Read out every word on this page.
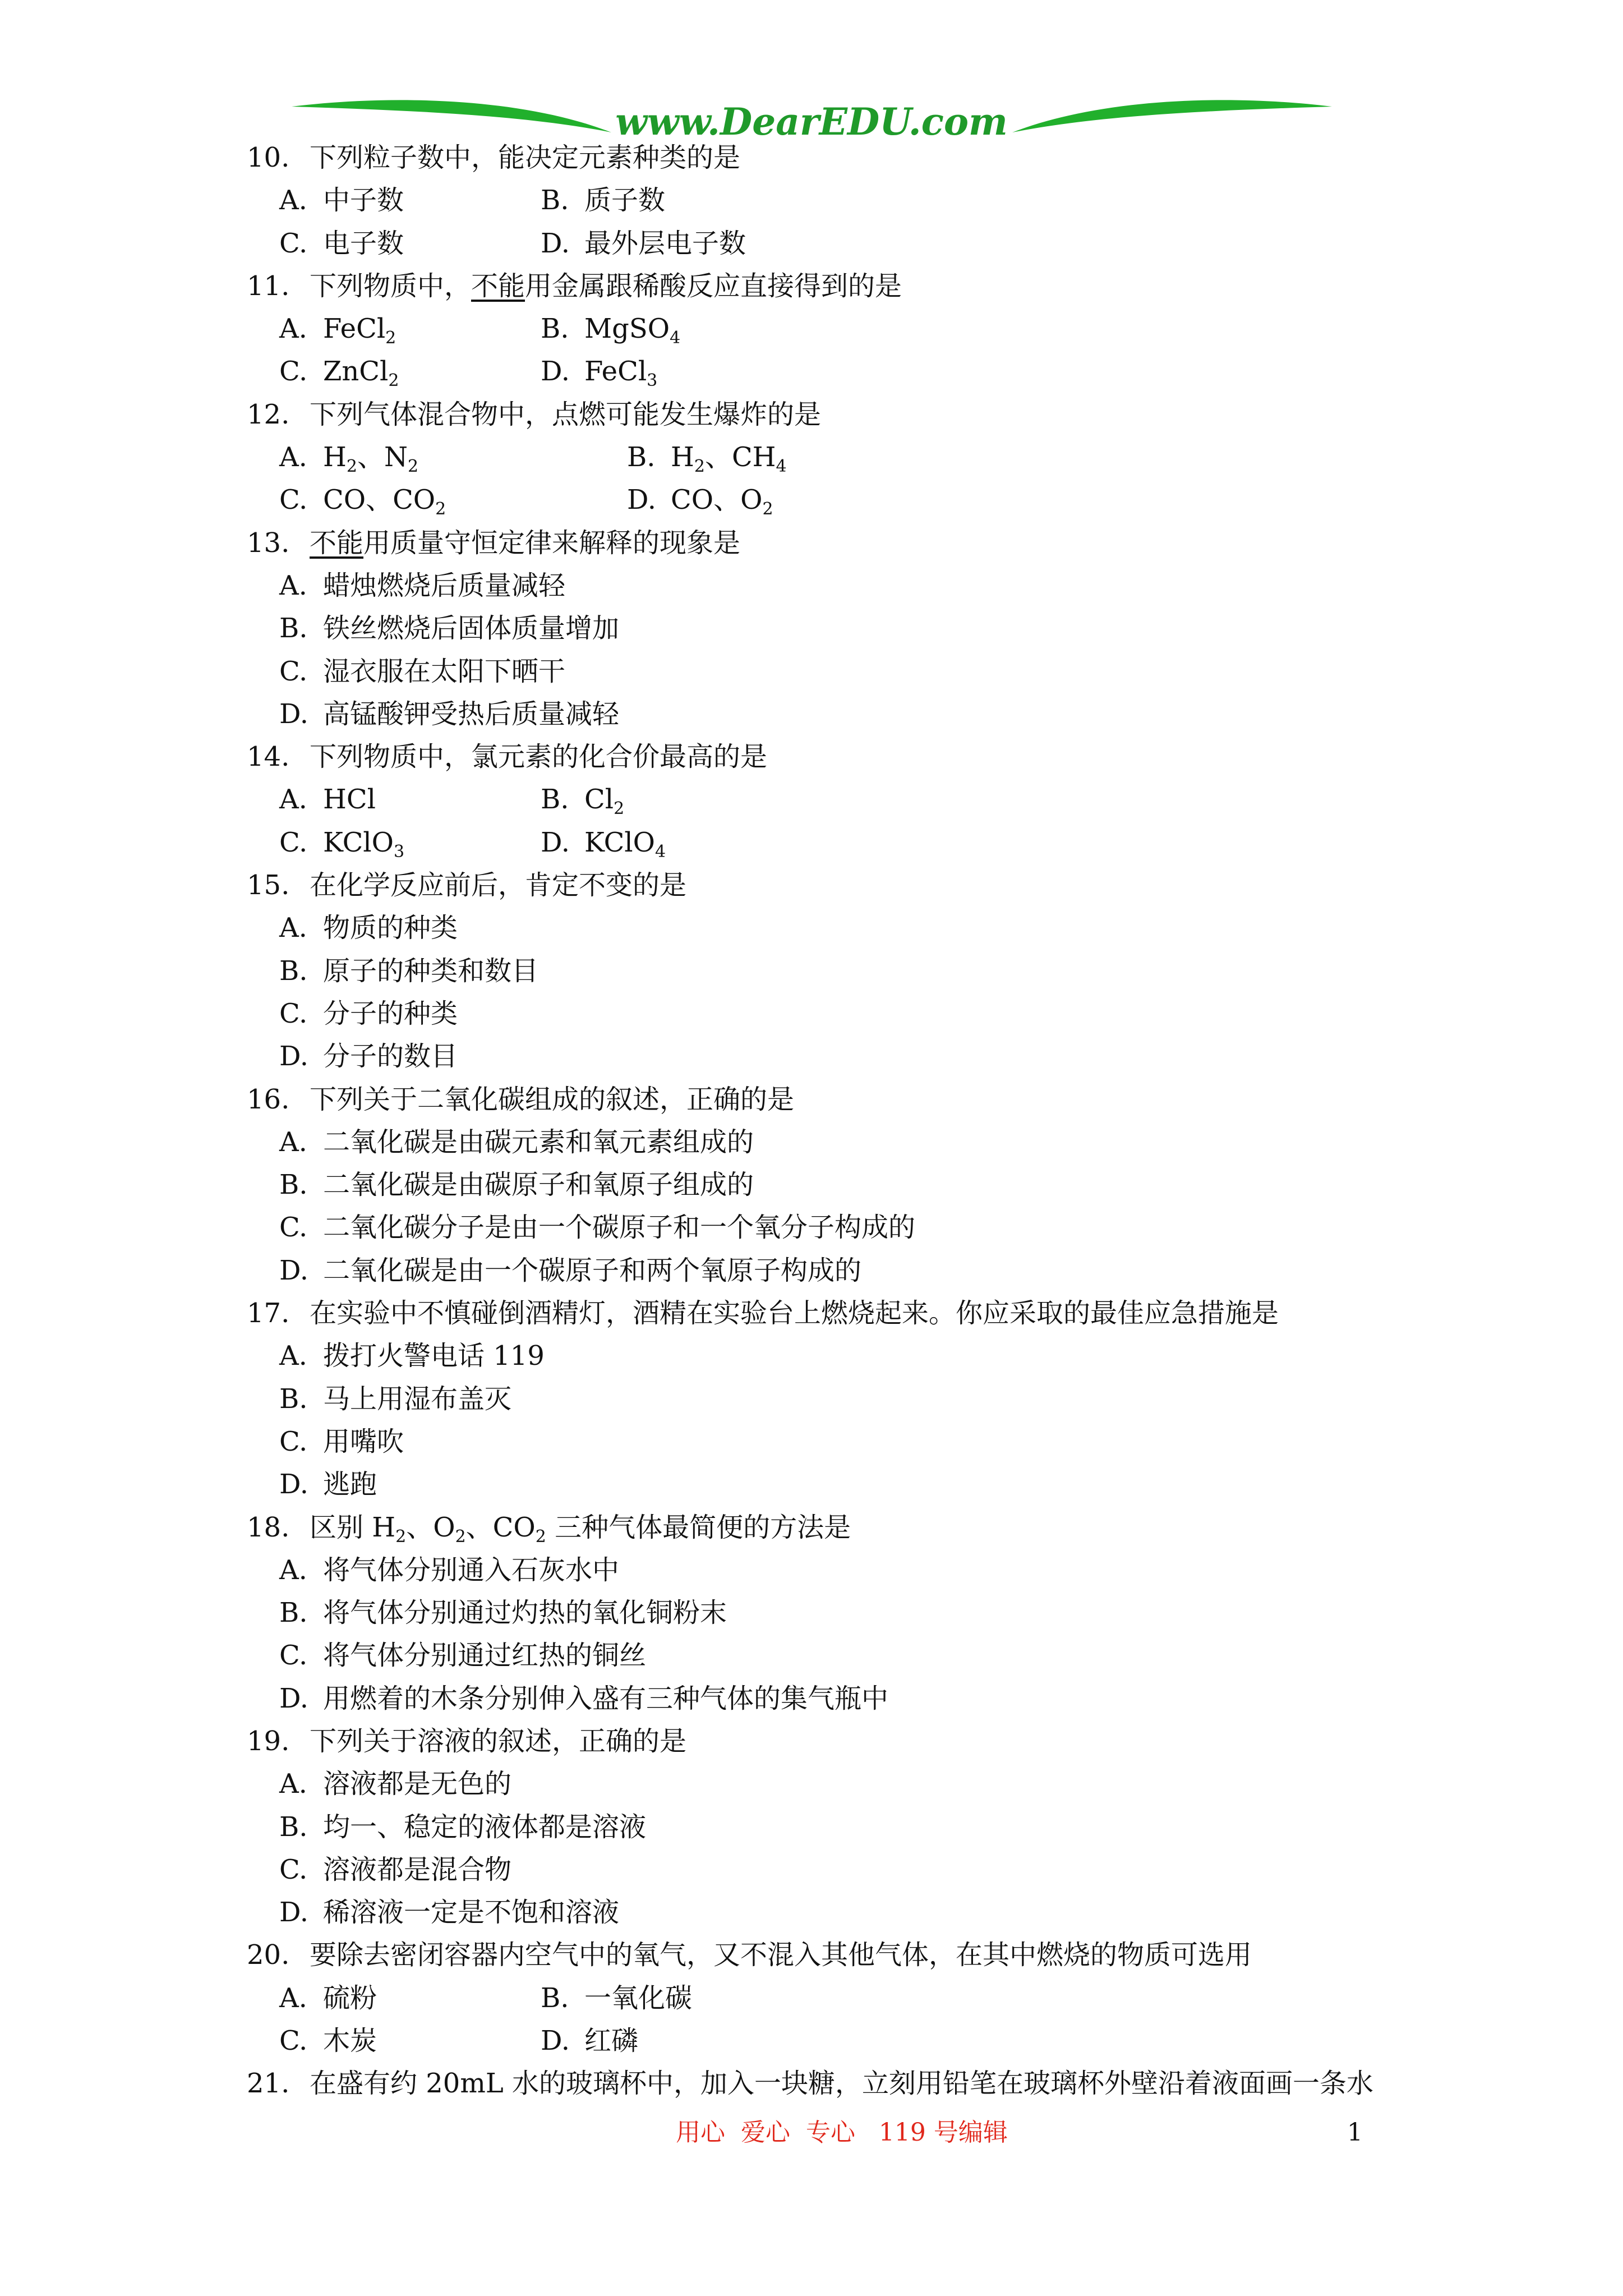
www.DearEDU.com
10. 下列粒子数中，能决定元素种类的是
A. 中子数	B. 质子数
C. 电子数	D. 最外层电子数
11. 下列物质中，不能用金属跟稀酸反应直接得到的是
A. FeCl$_2$	B. MgSO$_4$
C. ZnCl$_2$	D. FeCl$_3$
12. 下列气体混合物中，点燃可能发生爆炸的是
A. $H_2$、$N_2$	B. $H_2$、$CH_4$
C. CO、$CO_2$	D. CO、$O_2$
13. 不能用质量守恒定律来解释的现象是
A. 蜡烛燃烧后质量减轻
B. 铁丝燃烧后固体质量增加
C. 湿衣服在太阳下晒干
D. 高锰酸钾受热后质量减轻
14. 下列物质中，氯元素的化合价最高的是
A. HCl	B. $Cl_2$
C. KClO$_3$	D. KClO$_4$
15. 在化学反应前后，肯定不变的是
A. 物质的种类
B. 原子的种类和数目
C. 分子的种类
D. 分子的数目
16. 下列关于二氧化碳组成的叙述，正确的是
A. 二氧化碳是由碳元素和氧元素组成的
B. 二氧化碳是由碳原子和氧原子组成的
C. 二氧化碳分子是由一个碳原子和一个氧分子构成的
D. 二氧化碳是由一个碳原子和两个氧原子构成的
17. 在实验中不慎碰倒酒精灯，酒精在实验台上燃烧起来。你应采取的最佳应急措施是
A. 拨打火警电话 119
B. 马上用湿布盖灭
C. 用嘴吹
D. 逃跑
18. 区别 $H_2$、$O_2$、$CO_2$ 三种气体最简便的方法是
A. 将气体分别通入石灰水中
B. 将气体分别通过灼热的氧化铜粉末
C. 将气体分别通过红热的铜丝
D. 用燃着的木条分别伸入盛有三种气体的集气瓶中
19. 下列关于溶液的叙述，正确的是
A. 溶液都是无色的
B. 均一、稳定的液体都是溶液
C. 溶液都是混合物
D. 稀溶液一定是不饱和溶液
20. 要除去密闭容器内空气中的氧气，又不混入其他气体，在其中燃烧的物质可选用
A. 硫粉	B. 一氧化碳
C. 木炭	D. 红磷
21. 在盛有约 20mL 水的玻璃杯中，加入一块糖，立刻用铅笔在玻璃杯外壁沿着液面画一条水
用心  爱心  专心   119 号编辑	1
